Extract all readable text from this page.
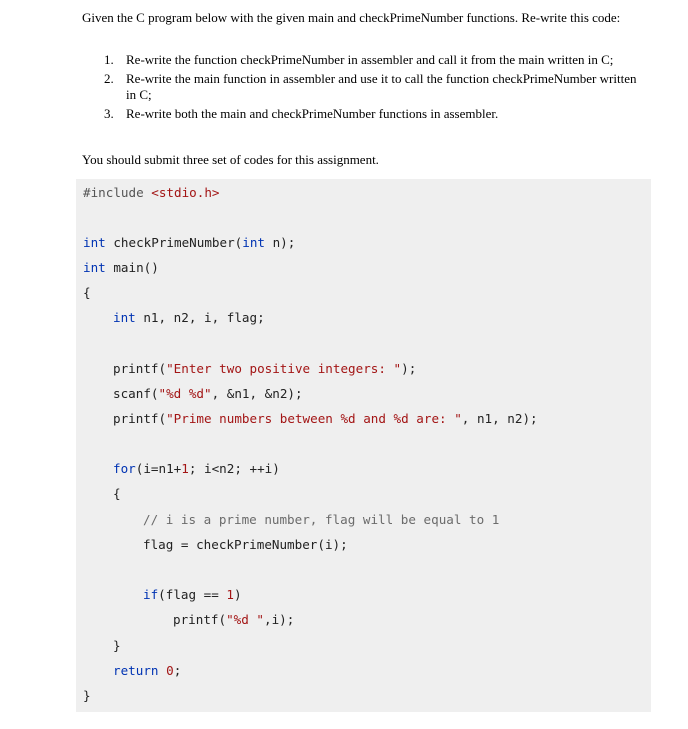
Given the C program below with the given main and checkPrimeNumber functions. Re-write this code:
1. Re-write the function checkPrimeNumber in assembler and call it from the main written in C;
2. Re-write the main function in assembler and use it to call the function checkPrimeNumber written in C;
3. Re-write both the main and checkPrimeNumber functions in assembler.
You should submit three set of codes for this assignment.
#include <stdio.h>
int checkPrimeNumber(int n);
int main()
{
int n1, n2, i, flag;
printf("Enter two positive integers: ");
scanf("%d %d", &n1, &n2);
printf("Prime numbers between %d and %d are: ", n1, n2);
for(i=n1+1; i<n2; ++i)
{
// i is a prime number, flag will be equal to 1
flag = checkPrimeNumber(i);
if(flag == 1)
printf("%d ",i);
}
return 0;
}
